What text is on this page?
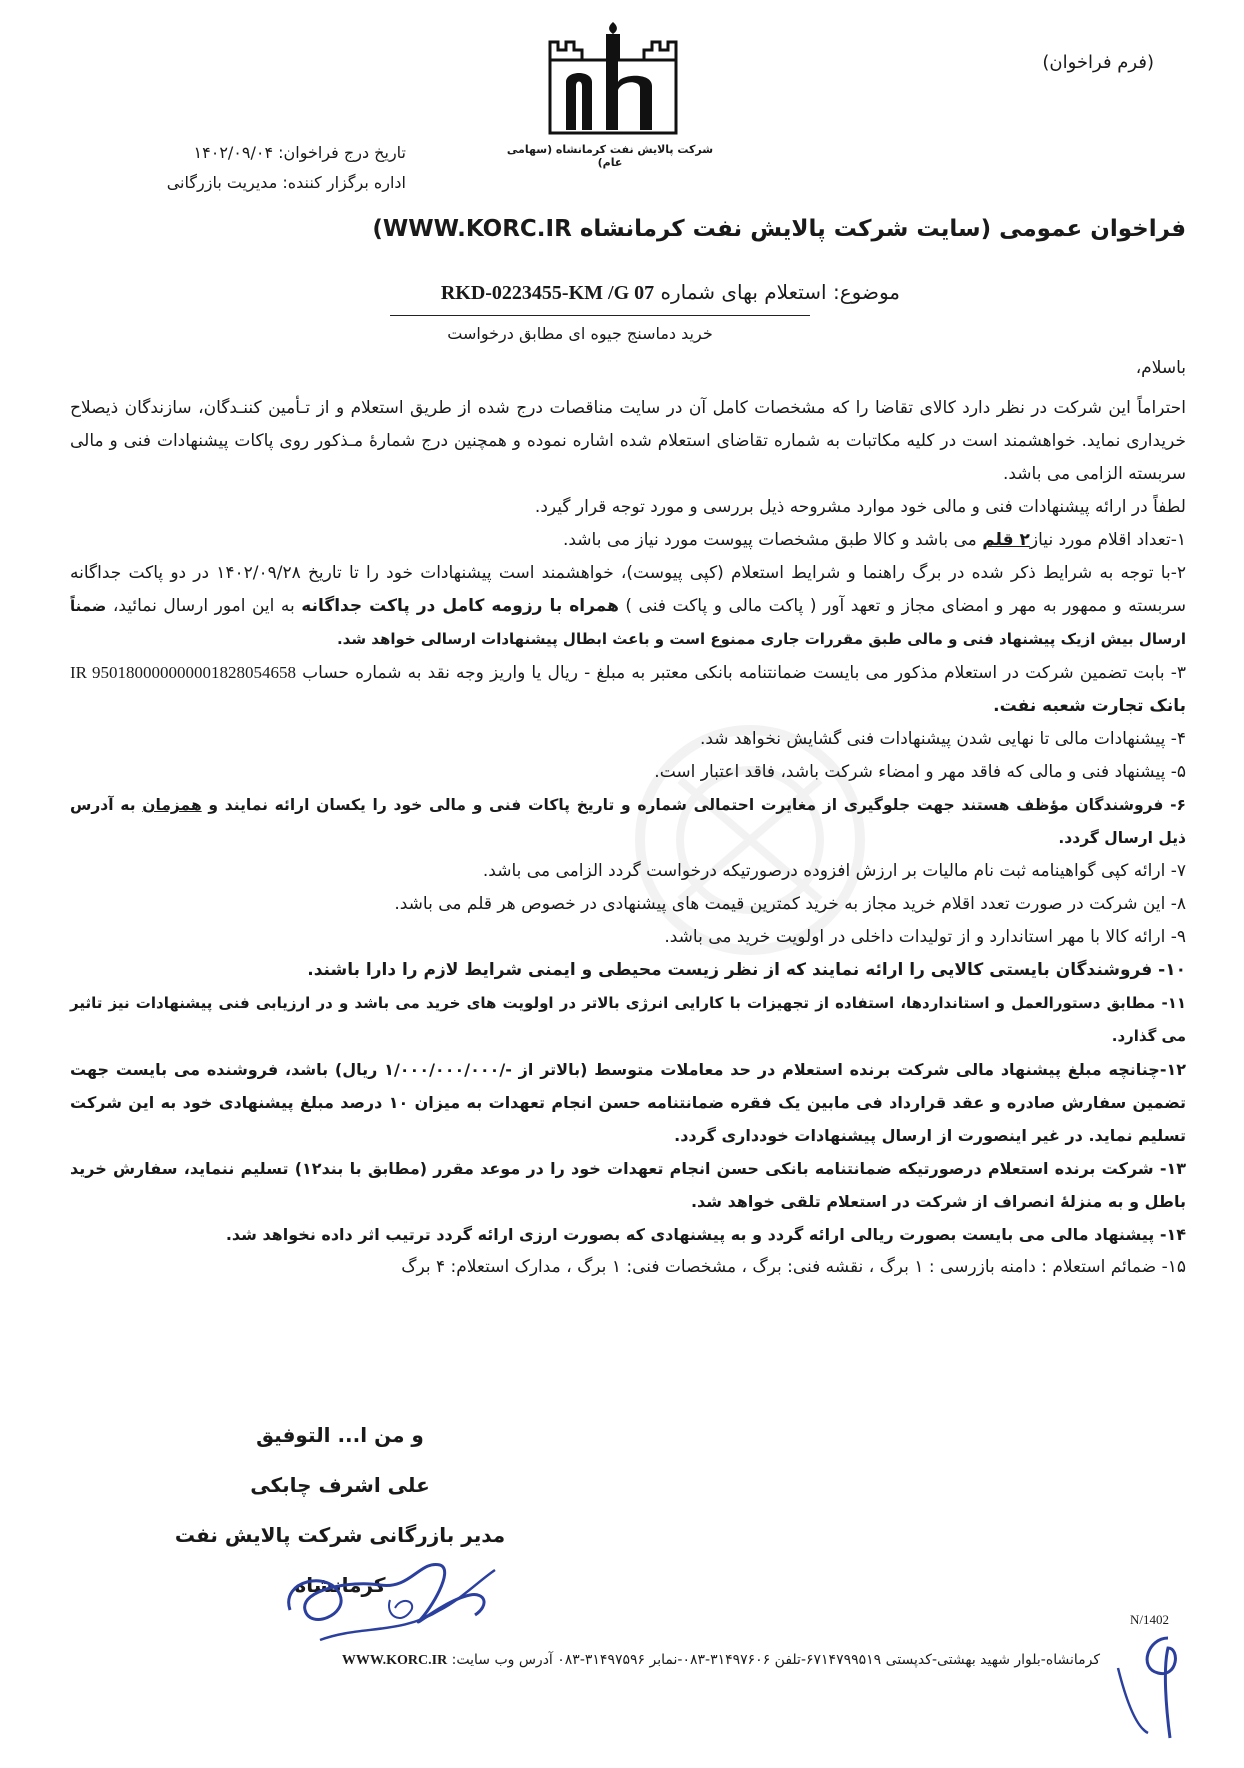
(فرم فراخوان)
شرکت پالایش نفت کرمانشاه (سهامی عام)
تاریخ درج فراخوان: ۱۴۰۲/۰۹/۰۴
اداره برگزار کننده: مدیریت بازرگانی
فراخوان عمومی (سایت شرکت پالایش نفت کرمانشاه WWW.KORC.IR)
موضوع: استعلام بهای شماره RKD-0223455-KM /G 07
خرید دماسنج جیوه ای مطابق درخواست
باسلام،

احتراماً این شرکت در نظر دارد کالای تقاضا را که مشخصات کامل آن در سایت مناقصات درج شده از طریق استعلام و از تـأمین کننـدگان، سازندگان ذیصلاح خریداری نماید. خواهشمند است در کلیه مکاتبات به شماره تقاضای استعلام شده اشاره نموده و همچنین درج شمارهٔ مـذکور روی پاکات پیشنهادات فنی و مالی سربسته الزامی می باشد.

لطفاً در ارائه پیشنهادات فنی و مالی خود موارد مشروحه ذیل بررسی و مورد توجه قرار گیرد.

۱-تعداد اقلام مورد نیاز۲ قلم می باشد و کالا طبق مشخصات پیوست مورد نیاز می باشد.

۲-با توجه به شرایط ذکر شده در برگ راهنما و شرایط استعلام (کپی پیوست)، خواهشمند است پیشنهادات خود را تا تاریخ ۱۴۰۲/۰۹/۲۸ در دو پاکت جداگانه سربسته و ممهور به مهر و امضای مجاز و تعهد آور ( پاکت مالی و پاکت فنی ) همراه با رزومه کامل در پاکت جداگانه به این امور ارسال نمائید، ضمناً ارسال بیش ازیک پیشنهاد فنی و مالی طبق مقررات جاری ممنوع است و باعث ابطال پیشنهادات ارسالی خواهد شد.

۳- بابت تضمین شرکت در استعلام مذکور می بایست ضمانتنامه بانکی معتبر به مبلغ - ریال یا واریز وجه نقد به شماره حساب IR 950180000000001828054658 بانک تجارت شعبه نفت.

۴- پیشنهادات مالی تا نهایی شدن پیشنهادات فنی گشایش نخواهد شد.

۵- پیشنهاد فنی و مالی که فاقد مهر و امضاء شرکت باشد، فاقد اعتبار است.

۶- فروشندگان مؤظف هستند جهت جلوگیری از مغایرت احتمالی شماره و تاریخ پاکات فنی و مالی خود را یکسان ارائه نمایند و همزمان به آدرس ذیل ارسال گردد.

۷- ارائه کپی گواهینامه ثبت نام مالیات بر ارزش افزوده درصورتیکه درخواست گردد الزامی می باشد.

۸- این شرکت در صورت تعدد اقلام خرید مجاز به خرید کمترین قیمت های پیشنهادی در خصوص هر قلم می باشد.

۹- ارائه کالا با مهر استاندارد و از تولیدات داخلی در اولویت خرید می باشد.

۱۰- فروشندگان بایستی کالایی را ارائه نمایند که از نظر زیست محیطی و ایمنی شرایط لازم را دارا باشند.

۱۱- مطابق دستورالعمل و استانداردها، استفاده از تجهیزات با کارایی انرژی بالاتر در اولویت های خرید می باشد و در ارزیابی فنی پیشنهادات نیز تاثیر می گذارد.

۱۲-چنانچه مبلغ پیشنهاد مالی شرکت برنده استعلام در حد معاملات متوسط (بالاتر از -/۱/۰۰۰/۰۰۰/۰۰۰ ریال) باشد، فروشنده می بایست جهت تضمین سفارش صادره و عقد قرارداد فی مابین یک فقره ضمانتنامه حسن انجام تعهدات به میزان ۱۰ درصد مبلغ پیشنهادی خود به این شرکت تسلیم نماید. در غیر اینصورت از ارسال پیشنهادات خودداری گردد.

۱۳- شرکت برنده استعلام درصورتیکه ضمانتنامه بانکی حسن انجام تعهدات خود را در موعد مقرر (مطابق با بند۱۲) تسلیم ننماید، سفارش خرید باطل و به منزلهٔ انصراف از شرکت در استعلام تلقی خواهد شد.

۱۴- پیشنهاد مالی می بایست بصورت ریالی ارائه گردد و به پیشنهادی که بصورت ارزی ارائه گردد ترتیب اثر داده نخواهد شد.

۱۵- ضمائم استعلام : دامنه بازرسی : ۱ برگ ، نقشه فنی: برگ ، مشخصات فنی: ۱ برگ ، مدارک استعلام: ۴ برگ

و من ا... التوفیق
علی اشرف چابکی
مدیر بازرگانی شرکت پالایش نفت کرمانشاه
N/1402
کرمانشاه-بلوار شهید بهشتی-کدپستی ۶۷۱۴۷۹۹۵۱۹-تلفن ۳۱۴۹۷۶۰۶-۰۸۳-نمابر ۳۱۴۹۷۵۹۶-۰۸۳ آدرس وب سایت: WWW.KORC.IR
